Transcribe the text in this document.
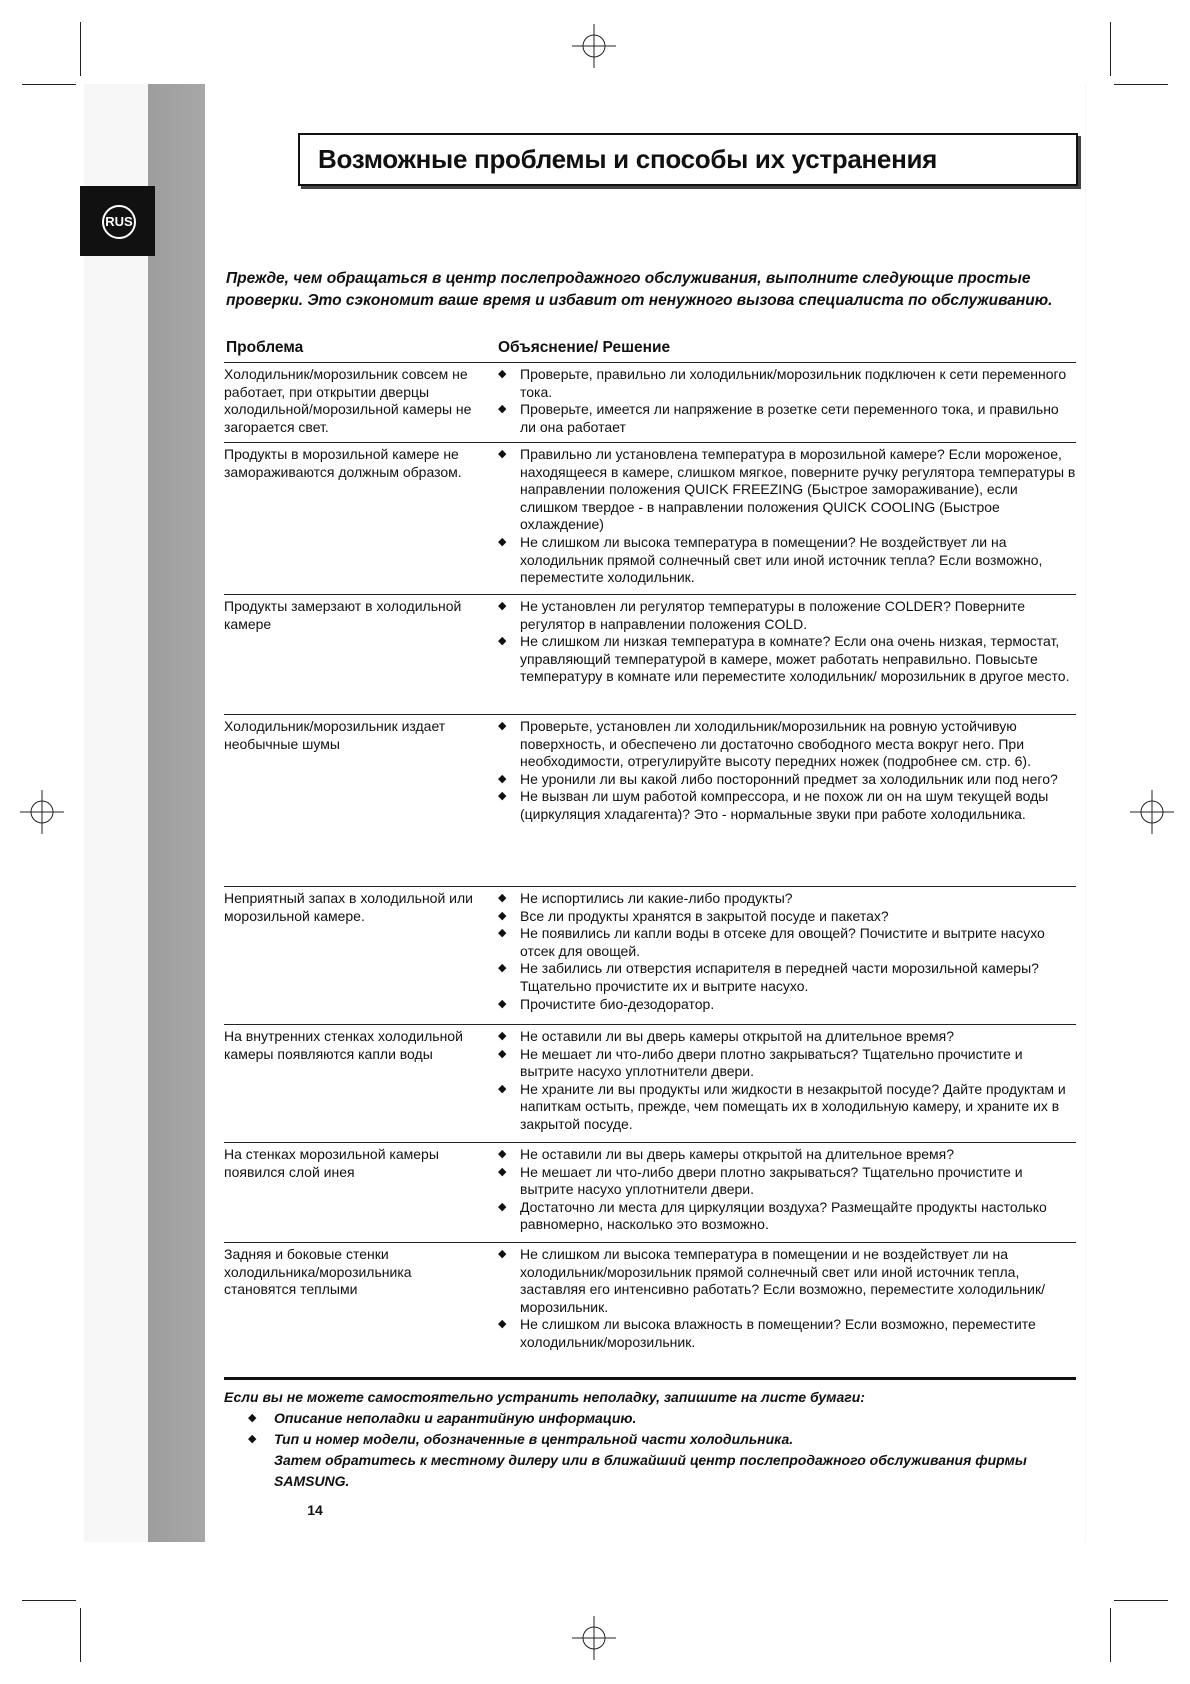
RUS
Возможные проблемы и способы их устранения
Прежде, чем обращаться в центр послепродажного обслуживания, выполните следующие простые проверки. Это сэкономит ваше время и избавит от ненужного вызова специалиста по обслуживанию.
Проблема	Объяснение/ Решение
Холодильник/морозильник совсем не работает, при открытии дверцы холодильной/морозильной камеры не загорается свет.
◆ Проверьте, правильно ли холодильник/морозильник подключен к сети переменного тока.
◆ Проверьте, имеется ли напряжение в розетке сети переменного тока, и правильно ли она работает
Продукты в морозильной камере не замораживаются должным образом.
◆ Правильно ли установлена температура в морозильной камере? Если мороженое, находящееся в камере, слишком мягкое, поверните ручку регулятора температуры в направлении положения QUICK FREEZING (Быстрое замораживание), если слишком твердое - в направлении положения QUICK COOLING (Быстрое охлаждение)
◆ Не слишком ли высока температура в помещении? Не воздействует ли на холодильник прямой солнечный свет или иной источник тепла? Если возможно, переместите холодильник.
Продукты замерзают в холодильной камере
◆ Не установлен ли регулятор температуры в положение COLDER? Поверните регулятор в направлении положения COLD.
◆ Не слишком ли низкая температура в комнате? Если она очень низкая, термостат, управляющий температурой в камере, может работать неправильно. Повысьте температуру в комнате или переместите холодильник/ морозильник в другое место.
Холодильник/морозильник издает необычные шумы
◆ Проверьте, установлен ли холодильник/морозильник на ровную устойчивую поверхность, и обеспечено ли достаточно свободного места вокруг него. При необходимости, отрегулируйте высоту передних ножек (подробнее см. стр. 6).
◆ Не уронили ли вы какой либо посторонний предмет за холодильник или под него?
◆ Не вызван ли шум работой компрессора, и не похож ли он на шум текущей воды (циркуляция хладагента)? Это - нормальные звуки при работе холодильника.
Неприятный запах в холодильной или морозильной камере.
◆ Не испортились ли какие-либо продукты?
◆ Все ли продукты хранятся в закрытой посуде и пакетах?
◆ Не появились ли капли воды в отсеке для овощей? Почистите и вытрите насухо отсек для овощей.
◆ Не забились ли отверстия испарителя в передней части морозильной камеры? Тщательно прочистите их и вытрите насухо.
◆ Прочистите био-дезодоратор.
На внутренних стенках холодильной камеры появляются капли воды
◆ Не оставили ли вы дверь камеры открытой на длительное время?
◆ Не мешает ли что-либо двери плотно закрываться? Тщательно прочистите и вытрите насухо уплотнители двери.
◆ Не храните ли вы продукты или жидкости в незакрытой посуде? Дайте продуктам и напиткам остыть, прежде, чем помещать их в холодильную камеру, и храните их в закрытой посуде.
На стенках морозильной камеры появился слой инея
◆ Не оставили ли вы дверь камеры открытой на длительное время?
◆ Не мешает ли что-либо двери плотно закрываться? Тщательно прочистите и вытрите насухо уплотнители двери.
◆ Достаточно ли места для циркуляции воздуха? Размещайте продукты настолько равномерно, насколько это возможно.
Задняя и боковые стенки холодильника/морозильника становятся теплыми
◆ Не слишком ли высока температура в помещении и не воздействует ли на холодильник/морозильник прямой солнечный свет или иной источник тепла, заставляя его интенсивно работать? Если возможно, переместите холодильник/морозильник.
◆ Не слишком ли высока влажность в помещении? Если возможно, переместите холодильник/морозильник.
Если вы не можете самостоятельно устранить неполадку, запишите на листе бумаги:
◆ Описание неполадки и гарантийную информацию.
◆ Тип и номер модели, обозначенные в центральной части холодильника.
Затем обратитесь к местному дилеру или в ближайший центр послепродажного обслуживания фирмы SAMSUNG.
14
